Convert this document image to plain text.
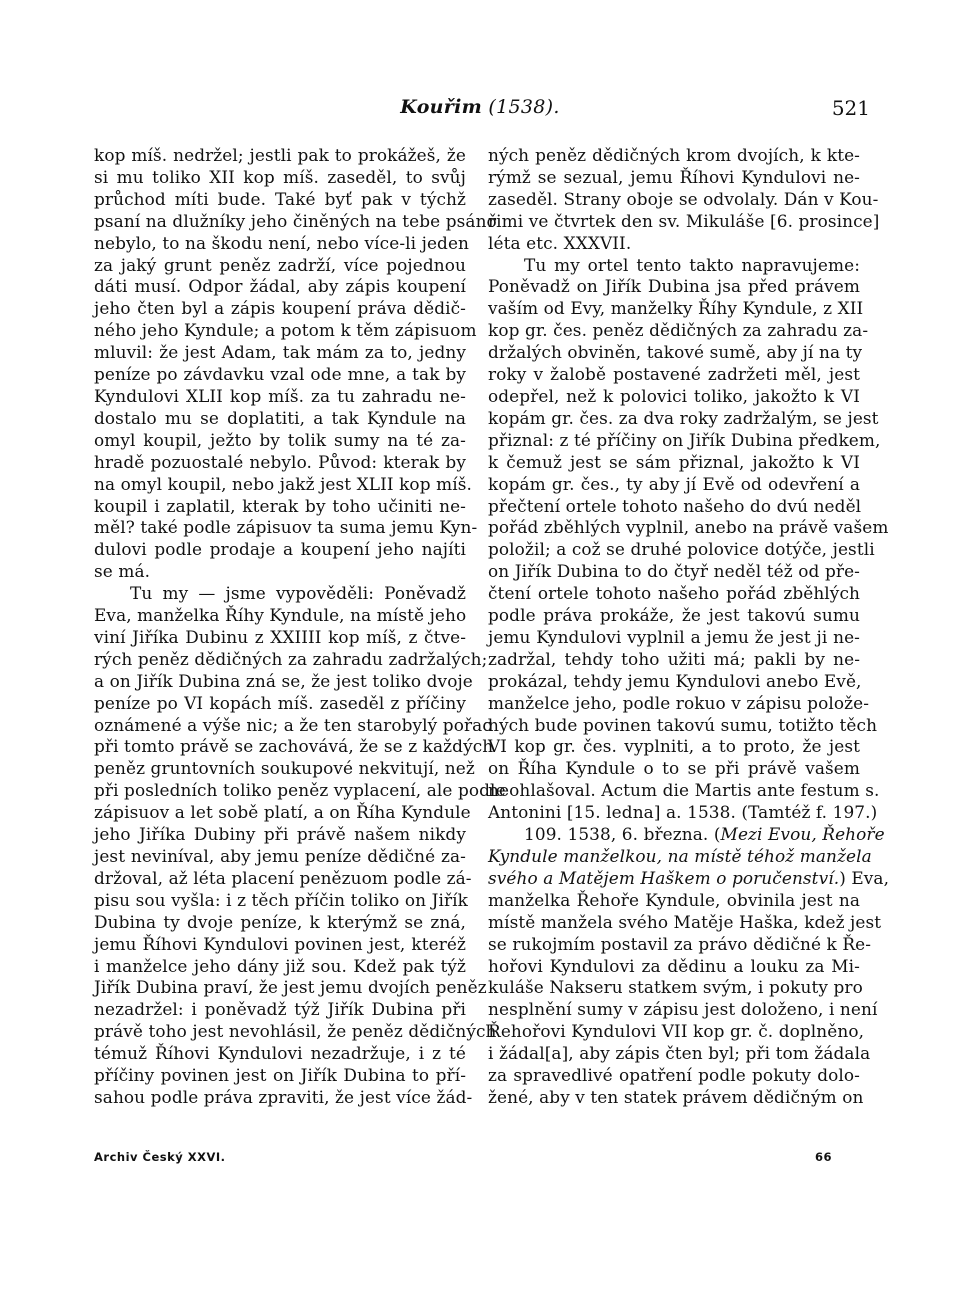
Kouřim (1538).	521
kop míš. nedržel; jestli pak to prokážeš, že
si mu toliko XII kop míš. zaseděl, to svůj
průchod míti bude. Také byť pak v týchž
psaní na dlužníky jeho činěných na tebe psáno
nebylo, to na škodu není, nebo více-li jeden
za jaký grunt peněz zadrží, více pojednou
dáti musí. Odpor žádal, aby zápis koupení
jeho čten byl a zápis koupení práva dědič-
ného jeho Kyndule; a potom k těm zápisuom
mluvil: že jest Adam, tak mám za to, jedny
peníze po závdavku vzal ode mne, a tak by
Kyndulovi XLII kop míš. za tu zahradu ne-
dostalo mu se doplatiti, a tak Kyndule na
omyl koupil, ježto by tolik sumy na té za-
hradě pozuostalé nebylo. Původ: kterak by
na omyl koupil, nebo jakž jest XLII kop míš.
koupil i zaplatil, kterak by toho učiniti ne-
měl? také podle zápisuov ta suma jemu Kyn-
dulovi podle prodaje a koupení jeho najíti
se má.
Tu my — jsme vypověděli: Poněvadž
Eva, manželka Říhy Kyndule, na místě jeho
viní Jiříka Dubinu z XXIIII kop míš, z čtve-
rých peněz dědičných za zahradu zadržalých;
a on Jiřík Dubina zná se, že jest toliko dvoje
peníze po VI kopách míš. zaseděl z příčiny
oznámené a výše nic; a že ten starobylý pořad
při tomto právě se zachovává, že se z každých
peněz gruntovních soukupové nekvitují, než
při posledních toliko peněz vyplacení, ale podle
zápisuov a let sobě platí, a on Říha Kyndule
jeho Jiříka Dubiny při právě našem nikdy
jest neviníval, aby jemu peníze dědičné za-
držoval, až léta placení penězuom podle zá-
pisu sou vyšla: i z těch příčin toliko on Jiřík
Dubina ty dvoje peníze, k kterýmž se zná,
jemu Říhovi Kyndulovi povinen jest, kteréž
i manželce jeho dány již sou. Kdež pak týž
Jiřík Dubina praví, že jest jemu dvojích peněz
nezadržel: i poněvadž týž Jiřík Dubina při
právě toho jest nevohlásil, že peněz dědičných
témuž Říhovi Kyndulovi nezadržuje, i z té
příčiny povinen jest on Jiřík Dubina to pří-
sahou podle práva zpraviti, že jest více žád-
ných peněz dědičných krom dvojích, k kte-
rýmž se sezual, jemu Říhovi Kyndulovi ne-
zaseděl. Strany oboje se odvolaly. Dán v Kou-
řimi ve čtvrtek den sv. Mikuláše [6. prosince]
léta etc. XXXVII.
Tu my ortel tento takto napravujeme:
Poněvadž on Jiřík Dubina jsa před právem
vaším od Evy, manželky Říhy Kyndule, z XII
kop gr. čes. peněz dědičných za zahradu za-
držalých obviněn, takové sumě, aby jí na ty
roky v žalobě postavené zadržeti měl, jest
odepřel, než k polovici toliko, jakožto k VI
kopám gr. čes. za dva roky zadržalým, se jest
přiznal: z té příčiny on Jiřík Dubina předkem,
k čemuž jest se sám přiznal, jakožto k VI
kopám gr. čes., ty aby jí Evě od odevření a
přečtení ortele tohoto našeho do dvú neděl
pořád zběhlých vyplnil, anebo na právě vašem
položil; a což se druhé polovice dotýče, jestli
on Jiřík Dubina to do čtyř neděl též od pře-
čtení ortele tohoto našeho pořád zběhlých
podle práva prokáže, že jest takovú sumu
jemu Kyndulovi vyplnil a jemu že jest ji ne-
zadržal, tehdy toho užiti má; pakli by ne-
prokázal, tehdy jemu Kyndulovi anebo Evě,
manželce jeho, podle rokuo v zápisu polože-
ných bude povinen takovú sumu, totižto těch
VI kop gr. čes. vyplniti, a to proto, že jest
on Říha Kyndule o to se při právě vašem
neohlašoval. Actum die Martis ante festum s.
Antonini [15. ledna] a. 1538. (Tamtéž f. 197.)
109. 1538, 6. března. (Mezi Evou, Řehoře
Kyndule manželkou, na místě téhož manžela
svého a Matějem Haškem o poručenství.) Eva,
manželka Řehoře Kyndule, obvinila jest na
místě manžela svého Matěje Haška, kdež jest
se rukojmím postavil za právo dědičné k Ře-
hořovi Kyndulovi za dědinu a louku za Mi-
kuláše Nakseru statkem svým, i pokuty pro
nesplnění sumy v zápisu jest doloženo, i není
Řehořovi Kyndulovi VII kop gr. č. doplněno,
i žádal[a], aby zápis čten byl; při tom žádala
za spravedlivé opatření podle pokuty dolo-
žené, aby v ten statek právem dědičným on
Archiv Český XXVI.	66
